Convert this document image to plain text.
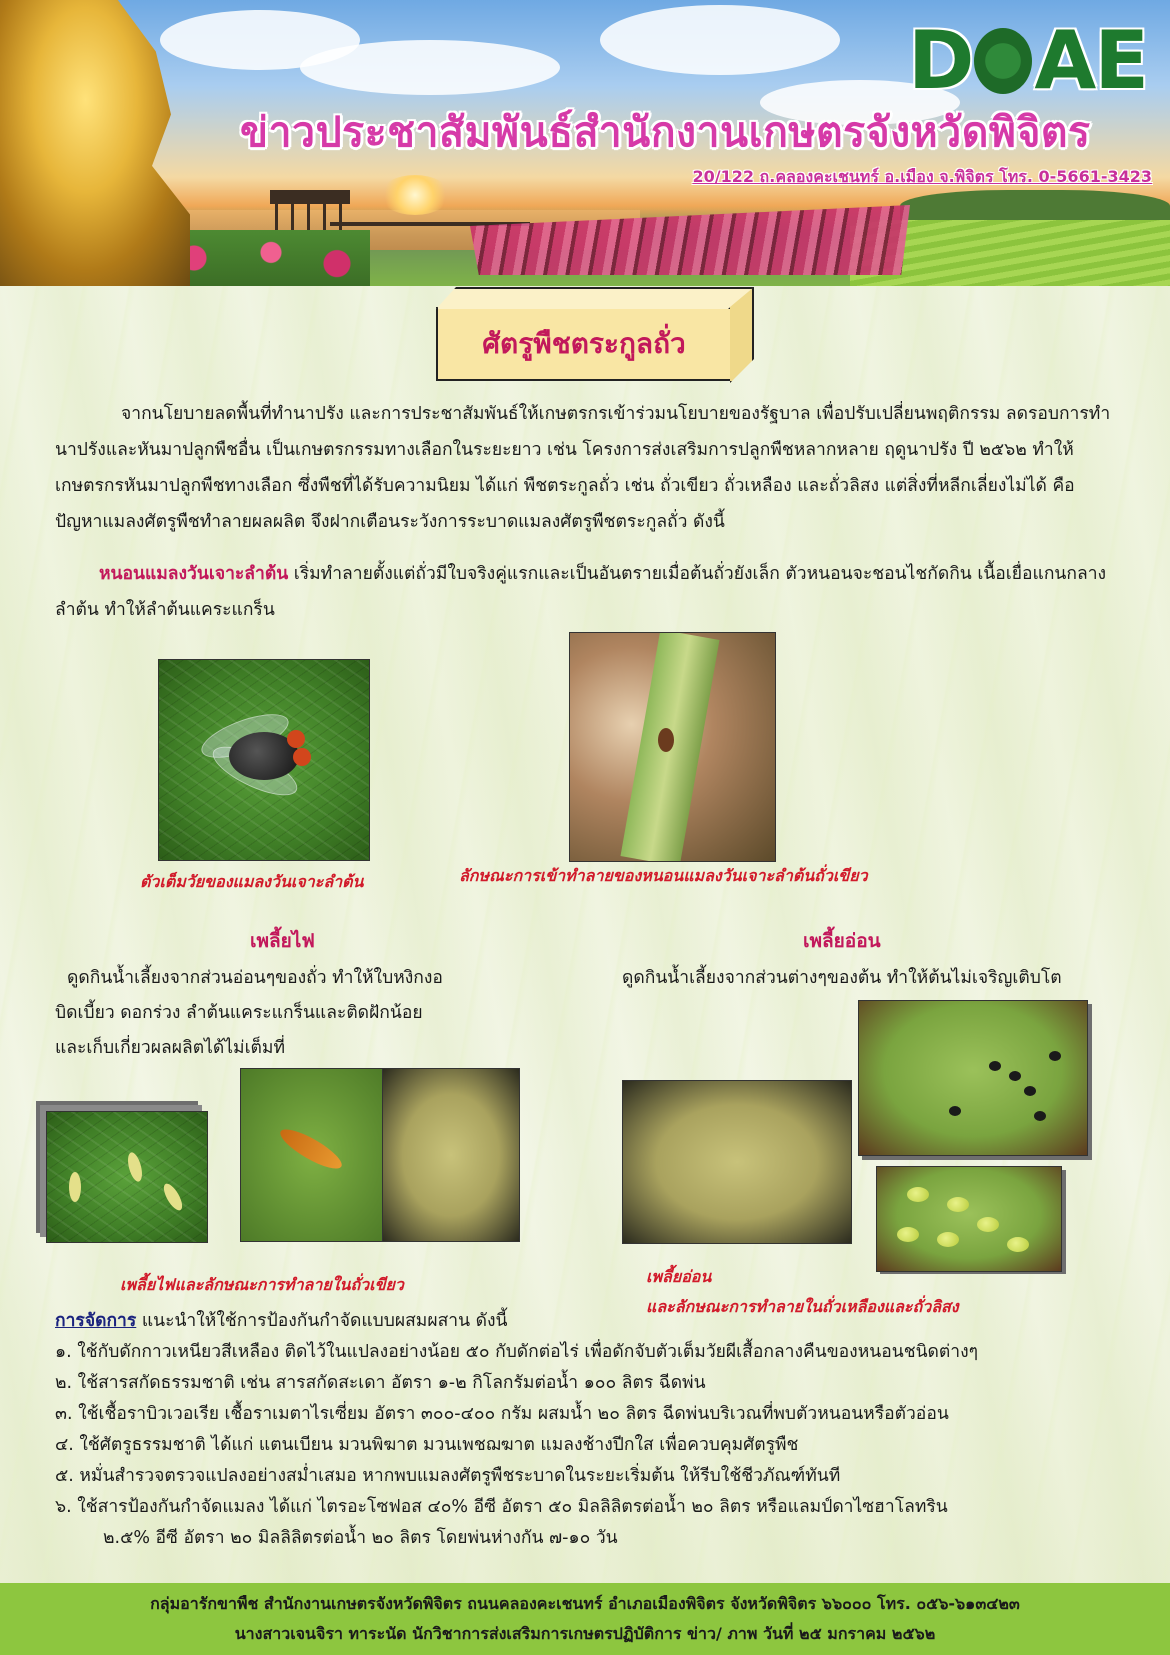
D AE
ข่าวประชาสัมพันธ์สำนักงานเกษตรจังหวัดพิจิตร
20/122 ถ.คลองคะเชนทร์ อ.เมือง จ.พิจิตร โทร. 0-5661-3423
ศัตรูพืชตระกูลถั่ว
จากนโยบายลดพื้นที่ทำนาปรัง และการประชาสัมพันธ์ให้เกษตรกรเข้าร่วมนโยบายของรัฐบาล เพื่อปรับเปลี่ยนพฤติกรรม ลดรอบการทำนาปรังและหันมาปลูกพืชอื่น เป็นเกษตรกรรมทางเลือกในระยะยาว เช่น โครงการส่งเสริมการปลูกพืชหลากหลาย ฤดูนาปรัง ปี ๒๕๖๒ ทำให้เกษตรกรหันมาปลูกพืชทางเลือก ซึ่งพืชที่ได้รับความนิยม ได้แก่ พืชตระกูลถั่ว เช่น ถั่วเขียว ถั่วเหลือง และถั่วลิสง แต่สิ่งที่หลีกเลี่ยงไม่ได้ คือปัญหาแมลงศัตรูพืชทำลายผลผลิต จึงฝากเตือนระวังการระบาดแมลงศัตรูพืชตระกูลถั่ว ดังนี้
หนอนแมลงวันเจาะลำต้น เริ่มทำลายตั้งแต่ถั่วมีใบจริงคู่แรกและเป็นอันตรายเมื่อต้นถั่วยังเล็ก ตัวหนอนจะชอนไชกัดกิน เนื้อเยื่อแกนกลางลำต้น ทำให้ลำต้นแคระแกร็น
ตัวเต็มวัยของแมลงวันเจาะลำต้น	ลักษณะการเข้าทำลายของหนอนแมลงวันเจาะลำต้นถั่วเขียว
เพลี้ยไฟ
ดูดกินน้ำเลี้ยงจากส่วนอ่อนๆของถั่ว ทำให้ใบหงิกงอ
บิดเบี้ยว ดอกร่วง ลำต้นแคระแกร็นและติดฝักน้อย
และเก็บเกี่ยวผลผลิตได้ไม่เต็มที่
เพลี้ยไฟและลักษณะการทำลายในถั่วเขียว
เพลี้ยอ่อน
ดูดกินน้ำเลี้ยงจากส่วนต่างๆของต้น ทำให้ต้นไม่เจริญเติบโต
เพลี้ยอ่อน
และลักษณะการทำลายในถั่วเหลืองและถั่วลิสง
การจัดการ แนะนำให้ใช้การป้องกันกำจัดแบบผสมผสาน ดังนี้
๑. ใช้กับดักกาวเหนียวสีเหลือง ติดไว้ในแปลงอย่างน้อย ๕๐ กับดักต่อไร่ เพื่อดักจับตัวเต็มวัยผีเสื้อกลางคืนของหนอนชนิดต่างๆ
๒. ใช้สารสกัดธรรมชาติ เช่น สารสกัดสะเดา อัตรา ๑-๒ กิโลกรัมต่อน้ำ ๑๐๐ ลิตร ฉีดพ่น
๓. ใช้เชื้อราบิวเวอเรีย เชื้อราเมตาไรเซี่ยม อัตรา ๓๐๐-๔๐๐ กรัม ผสมน้ำ ๒๐ ลิตร ฉีดพ่นบริเวณที่พบตัวหนอนหรือตัวอ่อน
๔. ใช้ศัตรูธรรมชาติ ได้แก่ แตนเบียน มวนพิฆาต มวนเพชฌฆาต แมลงช้างปีกใส เพื่อควบคุมศัตรูพืช
๕. หมั่นสำรวจตรวจแปลงอย่างสม่ำเสมอ หากพบแมลงศัตรูพืชระบาดในระยะเริ่มต้น ให้รีบใช้ชีวภัณฑ์ทันที
๖. ใช้สารป้องกันกำจัดแมลง ได้แก่ ไตรอะโซฟอส ๔๐% อีซี อัตรา ๕๐ มิลลิลิตรต่อน้ำ ๒๐ ลิตร หรือแลมป์ดาไซฮาโลทริน
๒.๕% อีซี อัตรา ๒๐ มิลลิลิตรต่อน้ำ ๒๐ ลิตร โดยพ่นห่างกัน ๗-๑๐ วัน
กลุ่มอารักขาพืช สำนักงานเกษตรจังหวัดพิจิตร ถนนคลองคะเชนทร์ อำเภอเมืองพิจิตร จังหวัดพิจิตร ๖๖๐๐๐ โทร. ๐๕๖-๖๑๓๔๒๓
นางสาวเจนจิรา ทาระนัด นักวิชาการส่งเสริมการเกษตรปฏิบัติการ ข่าว/ ภาพ วันที่ ๒๕ มกราคม ๒๕๖๒
